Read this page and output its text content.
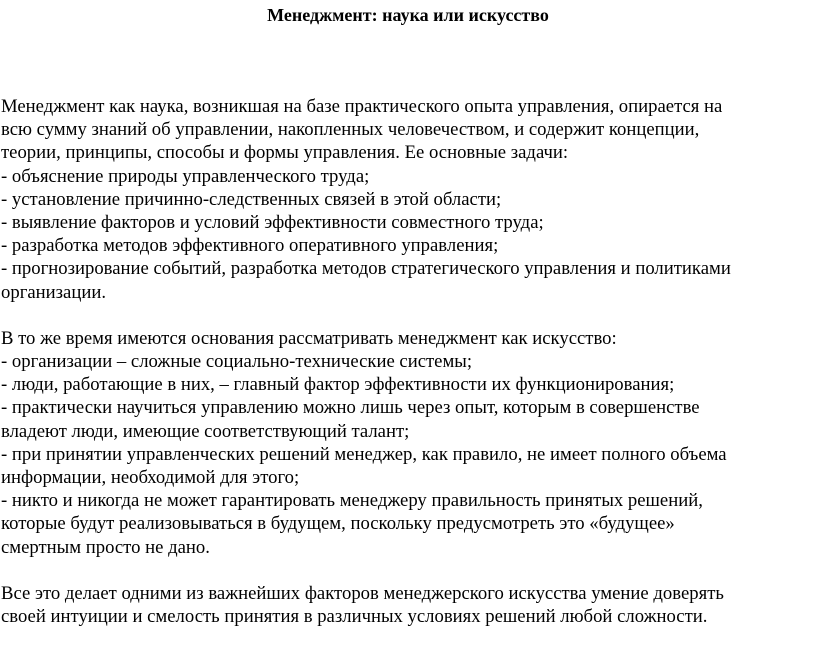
Менеджмент: наука или искусство
Менеджмент как наука, возникшая на базе практического опыта управления, опирается на
всю сумму знаний об управлении, накопленных человечеством, и содержит концепции,
теории, принципы, способы и формы управления. Ее основные задачи:
- объяснение природы управленческого труда;
- установление причинно-следственных связей в этой области;
- выявление факторов и условий эффективности совместного труда;
- разработка методов эффективного оперативного управления;
- прогнозирование событий, разработка методов стратегического управления и политиками
организации.
В то же время имеются основания рассматривать менеджмент как искусство:
- организации – сложные социально-технические системы;
- люди, работающие в них, – главный фактор эффективности их функционирования;
- практически научиться управлению можно лишь через опыт, которым в совершенстве
владеют люди, имеющие соответствующий талант;
- при принятии управленческих решений менеджер, как правило, не имеет полного объема
информации, необходимой для этого;
- никто и никогда не может гарантировать менеджеру правильность принятых решений,
которые будут реализовываться в будущем, поскольку предусмотреть это «будущее»
смертным просто не дано.
Все это делает одними из важнейших факторов менеджерского искусства умение доверять
своей интуиции и смелость принятия в различных условиях решений любой сложности.
